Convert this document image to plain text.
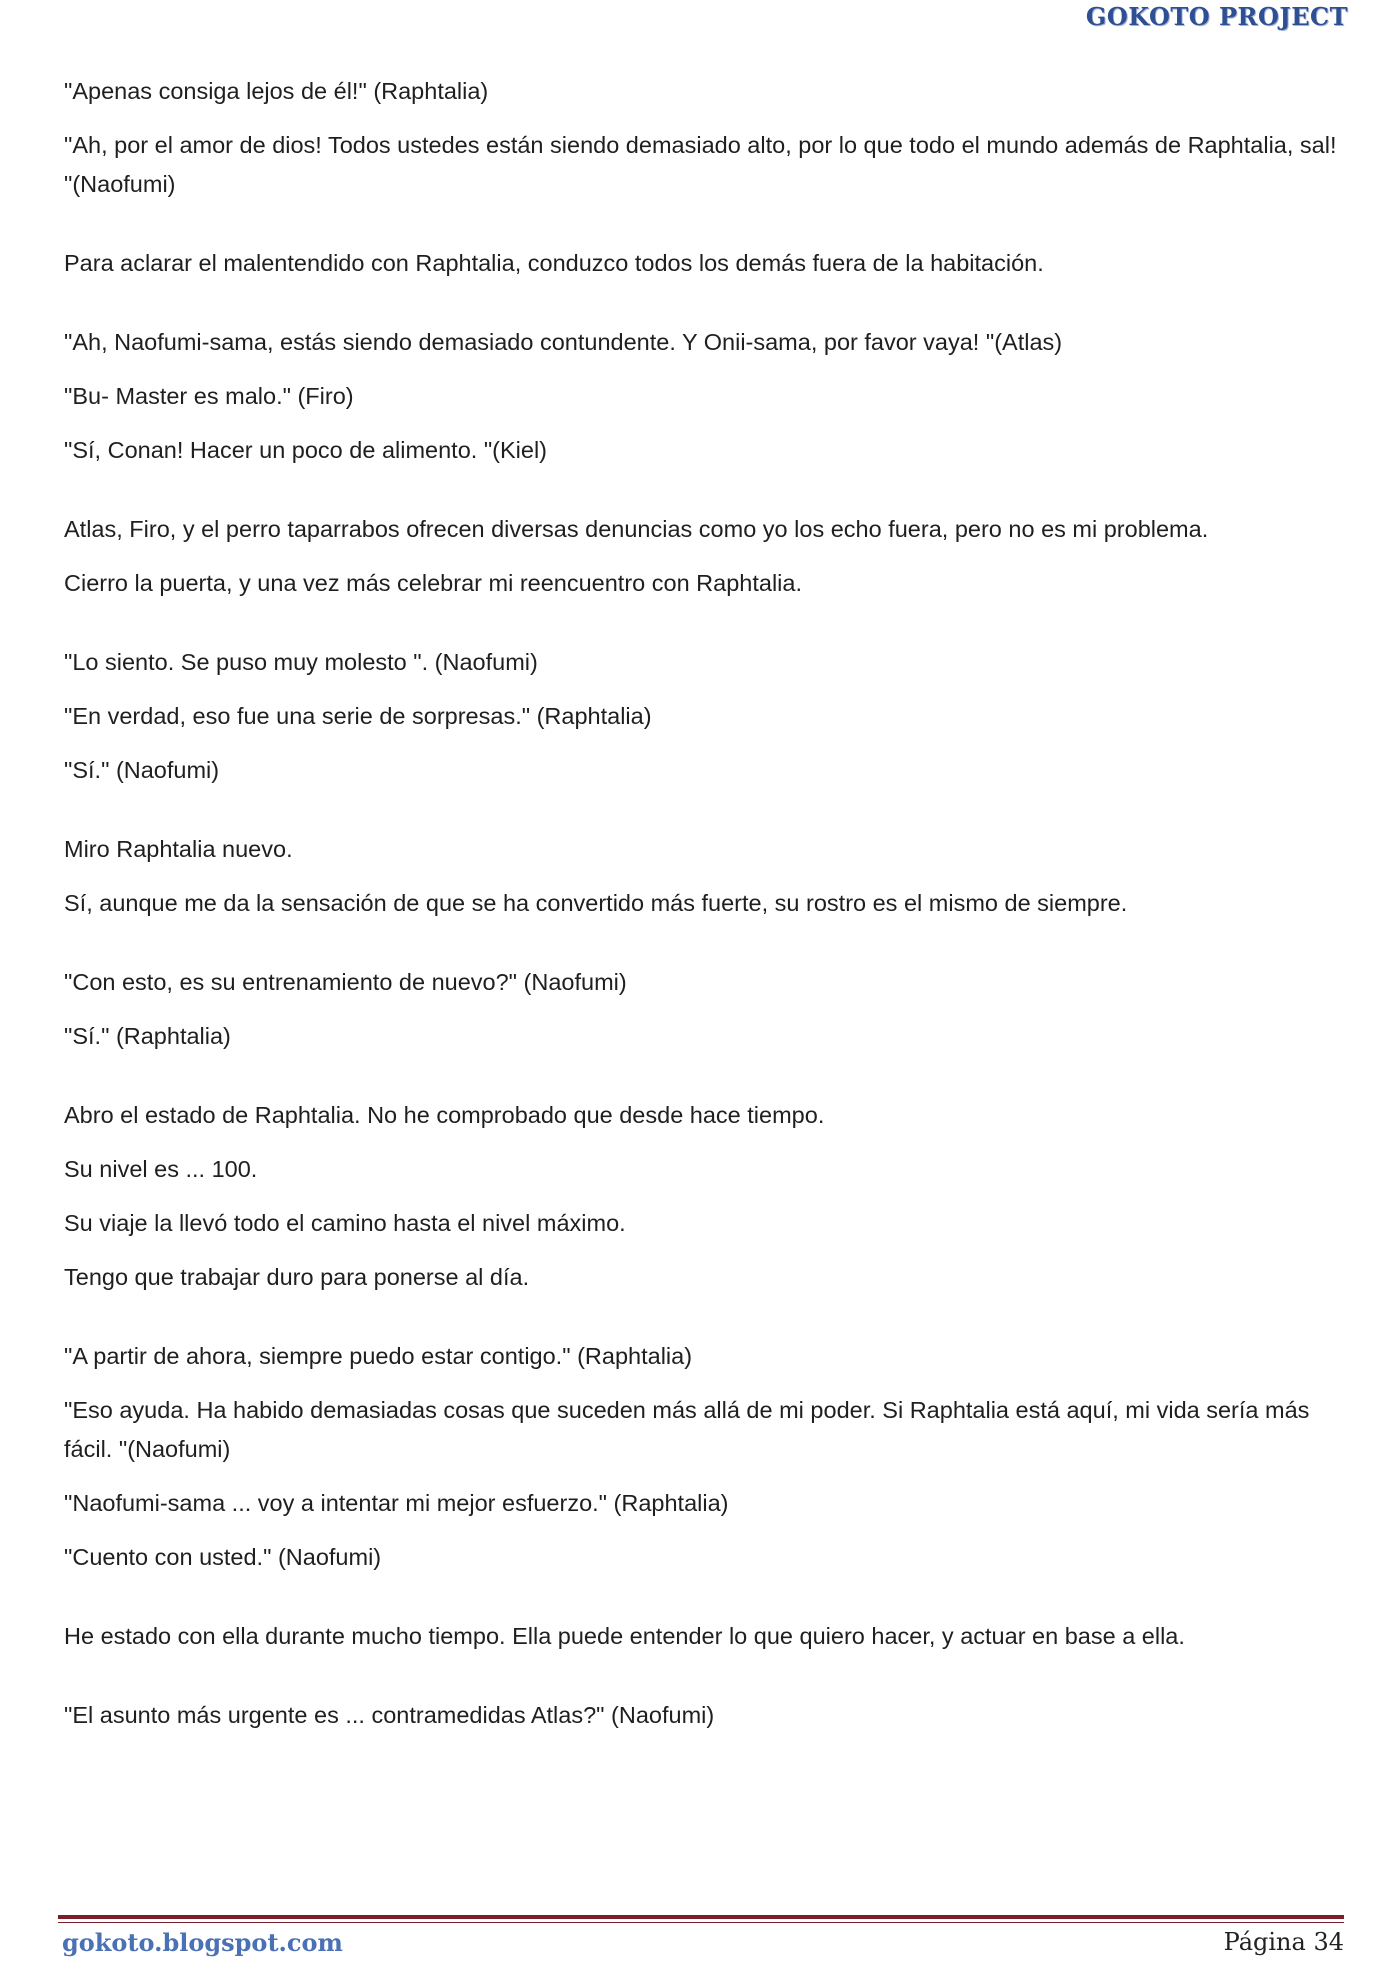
GOKOTO PROJECT

"Apenas consiga lejos de él!" (Raphtalia)

"Ah, por el amor de dios! Todos ustedes están siendo demasiado alto, por lo que todo el mundo además de Raphtalia, sal! "(Naofumi)

Para aclarar el malentendido con Raphtalia, conduzco todos los demás fuera de la habitación.

"Ah, Naofumi-sama, estás siendo demasiado contundente. Y Onii-sama, por favor vaya! "(Atlas)

"Bu- Master es malo." (Firo)

"Sí, Conan! Hacer un poco de alimento. "(Kiel)

Atlas, Firo, y el perro taparrabos ofrecen diversas denuncias como yo los echo fuera, pero no es mi problema.

Cierro la puerta, y una vez más celebrar mi reencuentro con Raphtalia.

"Lo siento. Se puso muy molesto ". (Naofumi)

"En verdad, eso fue una serie de sorpresas." (Raphtalia)

"Sí." (Naofumi)

Miro Raphtalia nuevo.

Sí, aunque me da la sensación de que se ha convertido más fuerte, su rostro es el mismo de siempre.

"Con esto, es su entrenamiento de nuevo?" (Naofumi)

"Sí." (Raphtalia)

Abro el estado de Raphtalia. No he comprobado que desde hace tiempo.

Su nivel es ... 100.

Su viaje la llevó todo el camino hasta el nivel máximo.

Tengo que trabajar duro para ponerse al día.

"A partir de ahora, siempre puedo estar contigo." (Raphtalia)

"Eso ayuda. Ha habido demasiadas cosas que suceden más allá de mi poder. Si Raphtalia está aquí, mi vida sería más fácil. "(Naofumi)

"Naofumi-sama ... voy a intentar mi mejor esfuerzo." (Raphtalia)

"Cuento con usted." (Naofumi)

He estado con ella durante mucho tiempo. Ella puede entender lo que quiero hacer, y actuar en base a ella.

"El asunto más urgente es ... contramedidas Atlas?" (Naofumi)

gokoto.blogspot.com	Página 34
